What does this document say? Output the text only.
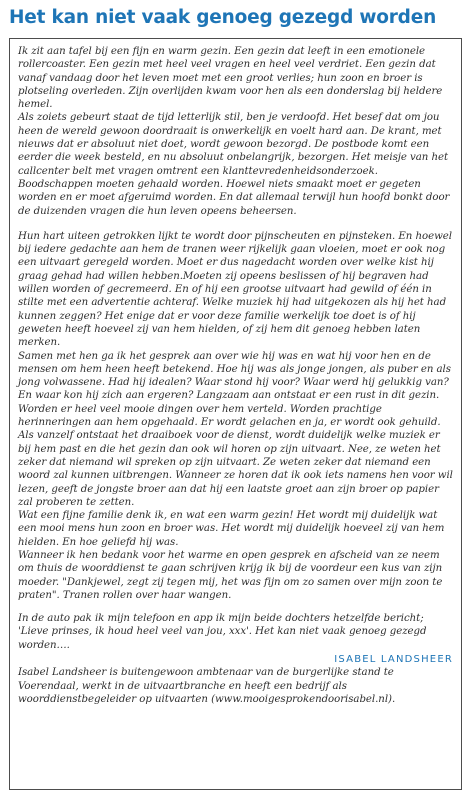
Het kan niet vaak genoeg gezegd worden

Ik zit aan tafel bij een fijn en warm gezin. Een gezin dat leeft in een emotionele rollercoaster. Een gezin met heel veel vragen en heel veel verdriet. Een gezin dat vanaf vandaag door het leven moet met een groot verlies; hun zoon en broer is plotseling overleden. Zijn overlijden kwam voor hen als een donderslag bij heldere hemel.

Als zoiets gebeurt staat de tijd letterlijk stil, ben je verdoofd. Het besef dat om jou heen de wereld gewoon doordraait is onwerkelijk en voelt hard aan. De krant, met nieuws dat er absoluut niet doet, wordt gewoon bezorgd. De postbode komt een eerder die week besteld, en nu absoluut onbelangrijk, bezorgen. Het meisje van het callcenter belt met vragen omtrent een klanttevredenheidsonderzoek. Boodschappen moeten gehaald worden. Hoewel niets smaakt moet er gegeten worden en er moet afgeruimd worden. En dat allemaal terwijl hun hoofd bonkt door de duizenden vragen die hun leven opeens beheersen.

Hun hart uiteen getrokken lijkt te wordt door pijnscheuten en pijnsteken. En hoewel bij iedere gedachte aan hem de tranen weer rijkelijk gaan vloeien, moet er ook nog een uitvaart geregeld worden. Moet er dus nagedacht worden over welke kist hij graag gehad had willen hebben.Moeten zij opeens beslissen of hij begraven had willen worden of gecremeerd. En of hij een grootse uitvaart had gewild of één in stilte met een advertentie achteraf. Welke muziek hij had uitgekozen als hij het had kunnen zeggen? Het enige dat er voor deze familie werkelijk toe doet is of hij geweten heeft hoeveel zij van hem hielden, of zij hem dit genoeg hebben laten merken.

Samen met hen ga ik het gesprek aan over wie hij was en wat hij voor hen en de mensen om hem heen heeft betekend. Hoe hij was als jonge jongen, als puber en als jong volwassene. Had hij idealen? Waar stond hij voor? Waar werd hij gelukkig van? En waar kon hij zich aan ergeren? Langzaam aan ontstaat er een rust in dit gezin. Worden er heel veel mooie dingen over hem verteld. Worden prachtige herinneringen aan hem opgehaald. Er wordt gelachen en ja, er wordt ook gehuild.

Als vanzelf ontstaat het draaiboek voor de dienst, wordt duidelijk welke muziek er bij hem past en die het gezin dan ook wil horen op zijn uitvaart. Nee, ze weten het zeker dat niemand wil spreken op zijn uitvaart. Ze weten zeker dat niemand een woord zal kunnen uitbrengen. Wanneer ze horen dat ik ook iets namens hen voor wil lezen, geeft de jongste broer aan dat hij een laatste groet aan zijn broer op papier zal proberen te zetten.

Wat een fijne familie denk ik, en wat een warm gezin! Het wordt mij duidelijk wat een mooi mens hun zoon en broer was. Het wordt mij duidelijk hoeveel zij van hem hielden. En hoe geliefd hij was.

Wanneer ik hen bedank voor het warme en open gesprek en afscheid van ze neem om thuis de woorddienst te gaan schrijven krijg ik bij de voordeur een kus van zijn moeder. "Dankjewel, zegt zij tegen mij, het was fijn om zo samen over mijn zoon te praten". Tranen rollen over haar wangen.

In de auto pak ik mijn telefoon en app ik mijn beide dochters hetzelfde bericht; 'Lieve prinses, ik houd heel veel van jou, xxx'. Het kan niet vaak genoeg gezegd worden….

ISABEL LANDSHEER

Isabel Landsheer is buitengewoon ambtenaar van de burgerlijke stand te Voerendaal, werkt in de uitvaartbranche en heeft een bedrijf als woorddienstbegeleider op uitvaarten (www.mooigesprokendoorisabel.nl).
